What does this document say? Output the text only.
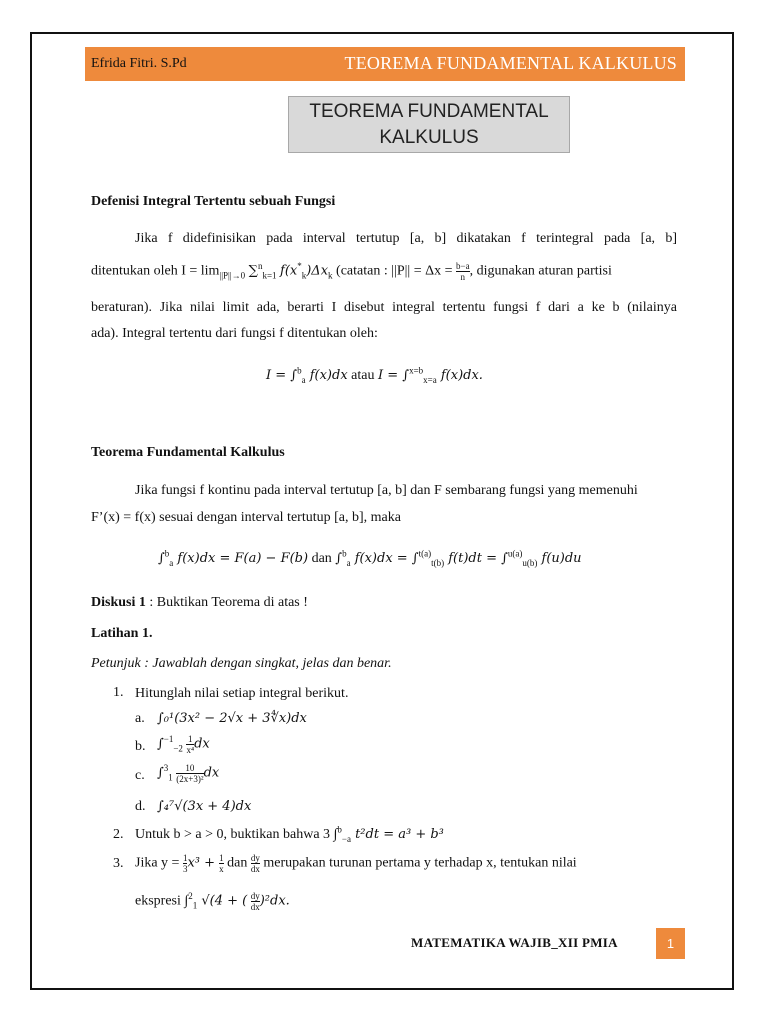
Efrida Fitri. S.Pd	TEOREMA FUNDAMENTAL KALKULUS
TEOREMA FUNDAMENTAL
KALKULUS
Defenisi Integral Tertentu sebuah Fungsi
Jika f didefinisikan pada interval tertutup [a, b] dikatakan f terintegral pada [a, b]
ditentukan oleh $I = \lim_{||P||\to 0} \sum^n_{k=1}$ $f(x^*_k)\Delta x_k$ (catatan : $||P|| = \Delta x = \frac{b-a}{n}$ , digunakan aturan partisi
beraturan). Jika nilai limit ada, berarti I disebut integral tertentu fungsi f dari a ke b (nilainya
ada). Integral tertentu dari fungsi f ditentukan oleh:
I = ∫$^b_a$ f(x)dx atau I = ∫$^{x=b}_{x=a}$ f(x)dx.
Teorema Fundamental Kalkulus
Jika fungsi f kontinu pada interval tertutup [a, b] dan F sembarang fungsi yang memenuhi
F’(x) = f(x) sesuai dengan interval tertutup [a, b], maka
∫$^b_a$ f(x)dx = F(a) − F(b) dan ∫$^b_a$ f(x)dx = ∫$^{t(a)}_{t(b)}$ f(t)dt = ∫$^{u(a)}_{u(b)}$ f(u)du
Diskusi 1 : Buktikan Teorema di atas !
Latihan 1.
Petunjuk : Jawablah dengan singkat, jelas dan benar.
1. Hitunglah nilai setiap integral berikut.
a. ∫₀¹(3x² − 2√x + 3∜x)dx
b. $\int^{-1}_{-2} \frac{1}{\text{x⁴}}$ dx
c. $\int^3_1 \frac{10}{\text{(2x+3)²}}$ dx
d. ∫₄⁷√(3x + 4)dx
2. Untuk b > a > 0, buktikan bahwa 3 ∫$^b_{-a}$ t²dt = a³ + b³
3. Jika $y = \frac{1}{3} x^3 + \frac{1}{x}$ dan $\frac{dy}{dx}$ merupakan turunan pertama y terhadap x, tentukan nilai
ekspresi ∫$^2_1$ √(4 + ( $\frac{dy}{dx} )^2dx$.
MATEMATIKA WAJIB_XII PMIA	1
